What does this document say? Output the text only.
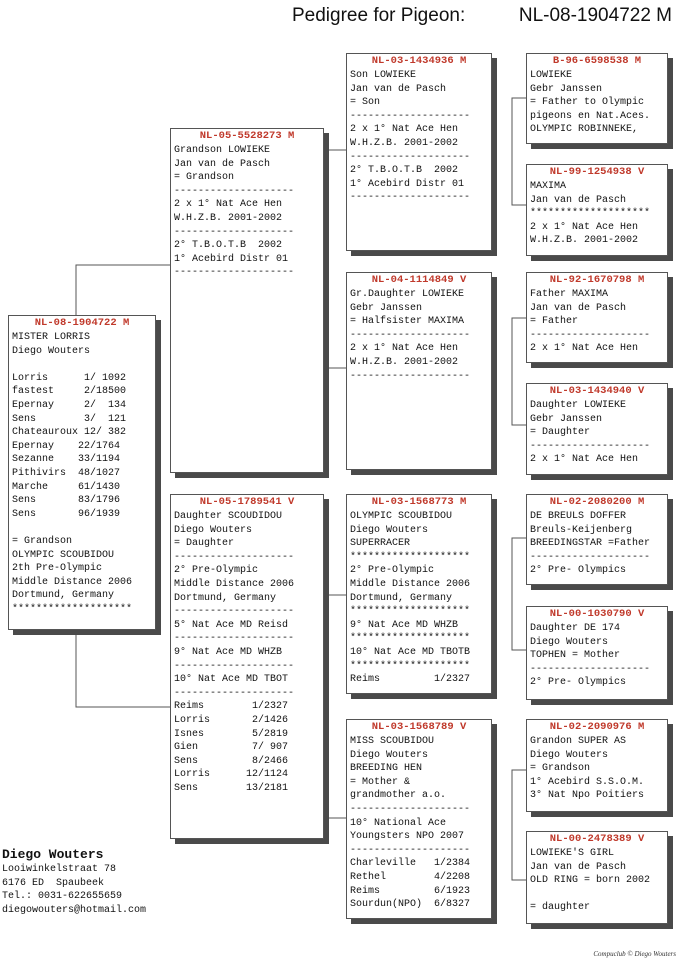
Pedigree for Pigeon:	NL-08-1904722 M
NL-08-1904722 M
MISTER LORRIS
Diego Wouters
Lorris      1/ 1092
fastest     2/18500
Epernay     2/  134
Sens        3/  121
Chateauroux 12/ 382
Epernay    22/1764
Sezanne    33/1194
Pithivirs  48/1027
Marche     61/1430
Sens       83/1796
Sens       96/1939
= Grandson
OLYMPIC SCOUBIDOU
2th Pre-Olympic
Middle Distance 2006
Dortmund, Germany
********************
NL-05-5528273 M
Grandson LOWIEKE
Jan van de Pasch
= Grandson
--------------------
2 x 1° Nat Ace Hen
W.H.Z.B. 2001-2002
--------------------
2° T.B.O.T.B  2002
1° Acebird Distr 01
--------------------
NL-05-1789541 V
Daughter SCOUDIDOU
Diego Wouters
= Daughter
--------------------
2° Pre-Olympic
Middle Distance 2006
Dortmund, Germany
--------------------
5° Nat Ace MD Reisd
--------------------
9° Nat Ace MD WHZB
--------------------
10° Nat Ace MD TBOT
--------------------
Reims        1/2327
Lorris       2/1426
Isnes        5/2819
Gien         7/ 907
Sens         8/2466
Lorris      12/1124
Sens        13/2181
NL-03-1434936 M
Son LOWIEKE
Jan van de Pasch
= Son
--------------------
2 x 1° Nat Ace Hen
W.H.Z.B. 2001-2002
--------------------
2° T.B.O.T.B  2002
1° Acebird Distr 01
--------------------
NL-04-1114849 V
Gr.Daughter LOWIEKE
Gebr Janssen
= Halfsister MAXIMA
--------------------
2 x 1° Nat Ace Hen
W.H.Z.B. 2001-2002
--------------------
NL-03-1568773 M
OLYMPIC SCOUBIDOU
Diego Wouters
SUPERRACER
********************
2° Pre-Olympic
Middle Distance 2006
Dortmund, Germany
********************
9° Nat Ace MD WHZB
********************
10° Nat Ace MD TBOTB
********************
Reims         1/2327
NL-03-1568789 V
MISS SCOUBIDOU
Diego Wouters
BREEDING HEN
= Mother &
grandmother a.o.
--------------------
10° National Ace
Youngsters NPO 2007
--------------------
Charleville   1/2384
Rethel        4/2208
Reims         6/1923
Sourdun(NPO)  6/8327
B-96-6598538 M
LOWIEKE
Gebr Janssen
= Father to Olympic
pigeons en Nat.Aces.
OLYMPIC ROBINNEKE,
NL-99-1254938 V
MAXIMA
Jan van de Pasch
********************
2 x 1° Nat Ace Hen
W.H.Z.B. 2001-2002
NL-92-1670798 M
Father MAXIMA
Jan van de Pasch
= Father
--------------------
2 x 1° Nat Ace Hen
NL-03-1434940 V
Daughter LOWIEKE
Gebr Janssen
= Daughter
--------------------
2 x 1° Nat Ace Hen
NL-02-2080200 M
DE BREULS DOFFER
Breuls-Keijenberg
BREEDINGSTAR =Father
--------------------
2° Pre- Olympics
NL-00-1030790 V
Daughter DE 174
Diego Wouters
TOPHEN = Mother
--------------------
2° Pre- Olympics
NL-02-2090976 M
Grandon SUPER AS
Diego Wouters
= Grandson
1° Acebird S.S.O.M.
3° Nat Npo Poitiers
NL-00-2478389 V
LOWIEKE'S GIRL
Jan van de Pasch
OLD RING = born 2002
= daughter
Diego Wouters
Looiwinkelstraat 78
6176 ED  Spaubeek
Tel.: 0031-622655659
diegowouters@hotmail.com
Compuclub © Diego Wouters
